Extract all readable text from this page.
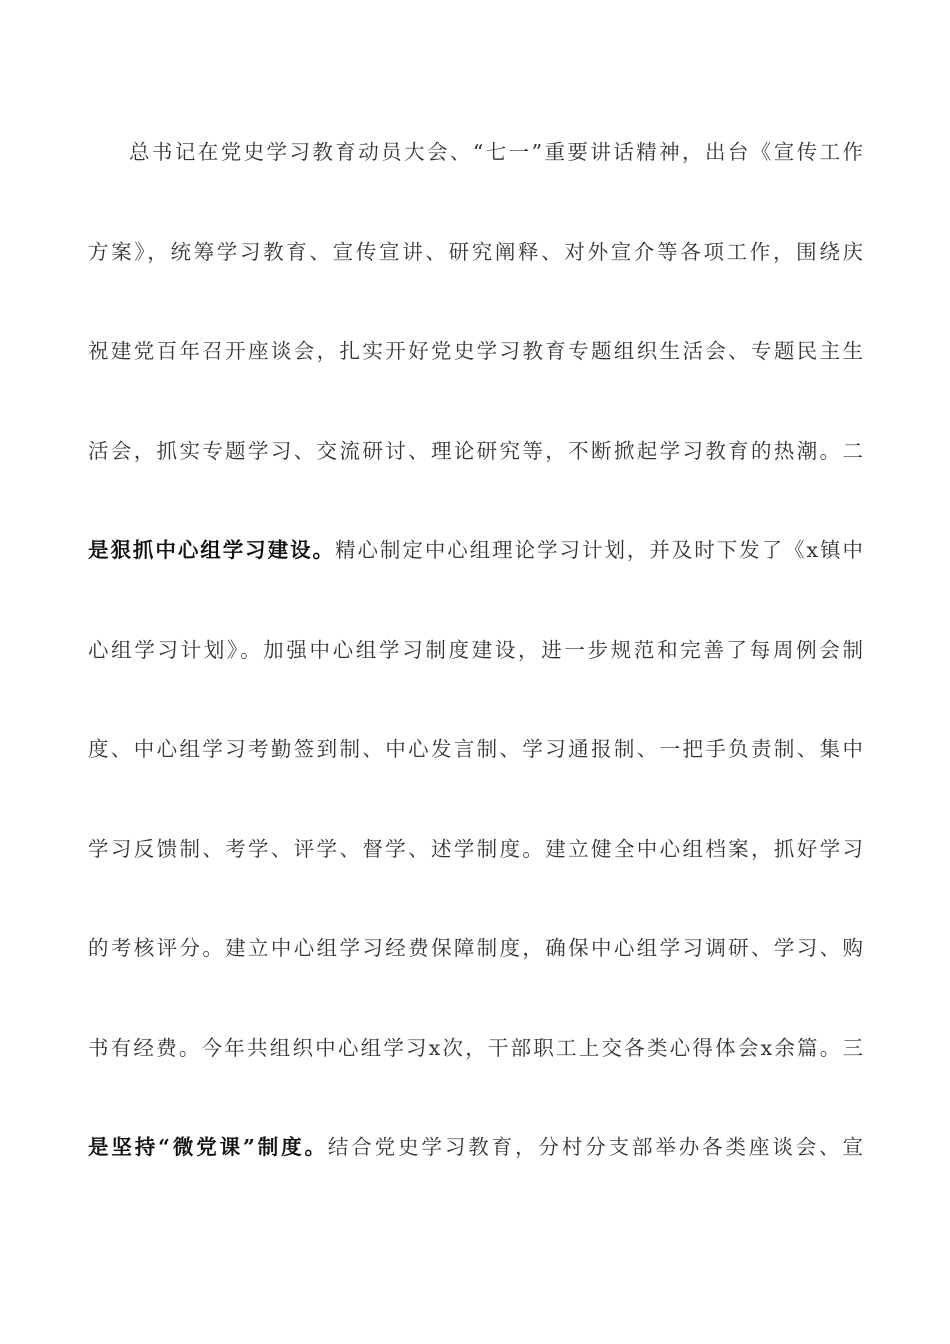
总书记在党史学习教育动员大会、“七一”重要讲话精神，出台《宣传工作
方案》，统筹学习教育、宣传宣讲、研究阐释、对外宣介等各项工作，围绕庆
祝建党百年召开座谈会，扎实开好党史学习教育专题组织生活会、专题民主生
活会，抓实专题学习、交流研讨、理论研究等，不断掀起学习教育的热潮。二
是狠抓中心组学习建设。精心制定中心组理论学习计划，并及时下发了《x镇中
心组学习计划》。加强中心组学习制度建设，进一步规范和完善了每周例会制
度、中心组学习考勤签到制、中心发言制、学习通报制、一把手负责制、集中
学习反馈制、考学、评学、督学、述学制度。建立健全中心组档案，抓好学习
的考核评分。建立中心组学习经费保障制度，确保中心组学习调研、学习、购
书有经费。今年共组织中心组学习x次，干部职工上交各类心得体会x余篇。三
是坚持“微党课”制度。结合党史学习教育，分村分支部举办各类座谈会、宣
